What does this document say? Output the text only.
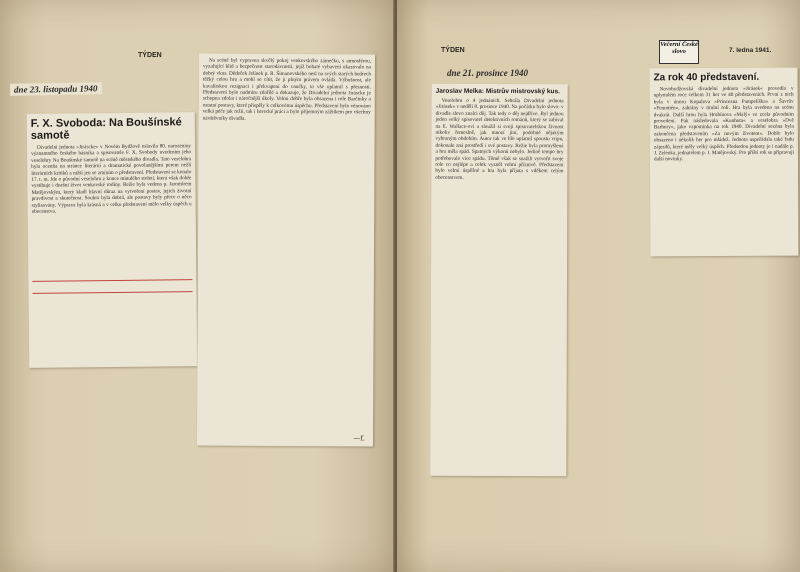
TÝDEN
dne 23. listopadu 1940
F. X. Svoboda: Na Boušínské samotě

Divadelní jednota »Jiráscke« v Novém Bydžově oslavila 80. narozeniny významného českého básníka a spisovatele F. X. Svobody uvedením jeho veselohry Na Boušínské samotě na scéně městského divadla. Tato veselohra byla ocenňa na stránce literární a dramatické povolanějšími perem nežli literárních kritiků a nižší jen se zmíním o představení. Představení se konalo 17. t. m. Jde o původní veselohru z konce minulého století, která však dobře vystihuje i dnešní život venkovské rodiny. Režie byla vedena p. Jaromírem Matějovským, který kladl hlavní důraz na vytvoření postav, jejich životní pravdivost a skutečnost. Souhra byla dobrá, ale postavy byly přece o něco stylisovány. Výprava byla krásná a v celku představení mělo velký úspěch u obecenstva.

Na scéně byl vypraven skvělý pokoj venkovského zámečku, s atmosférou, vyzařující klid a bezpečnost starodávnosti, jejíž bohaté vybavení ukazovalo na dobrý vkus. Dědeček Jelínek p. R. Šimanovského nesl na svých starých bedrech těžký celou hru a mohl se cítit, že ji plným právem ovládá. Výbušnost, ale kavalírskou rezignaci i překvapení do vnučky, to vše uplatnil s přesností. Představení bylo nadmíru zdařilé a dokazuje, že Divadelní jednota Jiráscke je schopna zdolat i náročnější úkoly. Velmi dobře byla obsazena i role Barčinky a ostatní postavy, které přispěly k celkovému úspěchu. Představení bylo věnováno velká péče jak režii, tak i herecké práci a bylo příjemným zážitkem pro všechny návštěvníky divadla.

—f.
TÝDEN
dne 21. prosince 1940
Jaroslav Melka: Mistrův mistrovský kus.

Veselohru o 4 jednáních. Sehrála Divadelní jednota »Jirásek« v neděli 8. prosince 1940. Na počátku bylo slovo: v divadle slovo znalci děj. Tak tedy o děj nejdříve. Byl jednou jeden velký spisovatel detektivních románů, který se zabíval na E. Wallace-ovi a sloužil si svoji spisovatelskou živnost nikoliv řemeslně, jak mnozí jiní, podobně nějakým vybraným obdobím. Autor tak ve hře uplatnil spoustu vtipu, dokonale zná prostředí i své postavy. Režie byla promyšlená a hra měla spád. Spatných výkonů nebylo. Jedině tempo hry potřebovalo více spádu. Těmě však se snažili vytvořit svoje role co nejlépe a celek vyzněl velmi příznivě. Představení bylo velmi úspěšné a hra byla přijata s vděkem celým obecenstvem.

Večerní České slovo	7. ledna 1941.
Za rok 40 představení.

Novobydžovská divadelní jednota »Jirásek« provedla v uplynulém roce celkem 31 her ve 40 představeních. První z nich byla v únoru Kopalova »Princezna Pampelíška« a Šavrův »Fenomén«, zahrány v titulní roli. Hra byla uvedena na scénu dvakrát. Další hrou byla Hrubínova »Malý« ve zcela původním provedení. Pak následovala »Kunhuta« a veselohra »Dvě Barbory«, jako vzpomínka na rok 1940. Divadelní sezóna byla zakončena představením »Za novým životem«. Dobře bylo obsazeno i několik her pro mládež. Jednota uspořádala také řadu zájezdů, které měly velký úspěch. Předsedou jednoty je i nadále p. J. Zelenka, jednatelem p. J. Matějovský. Pro příští rok se připravují další novinky.
